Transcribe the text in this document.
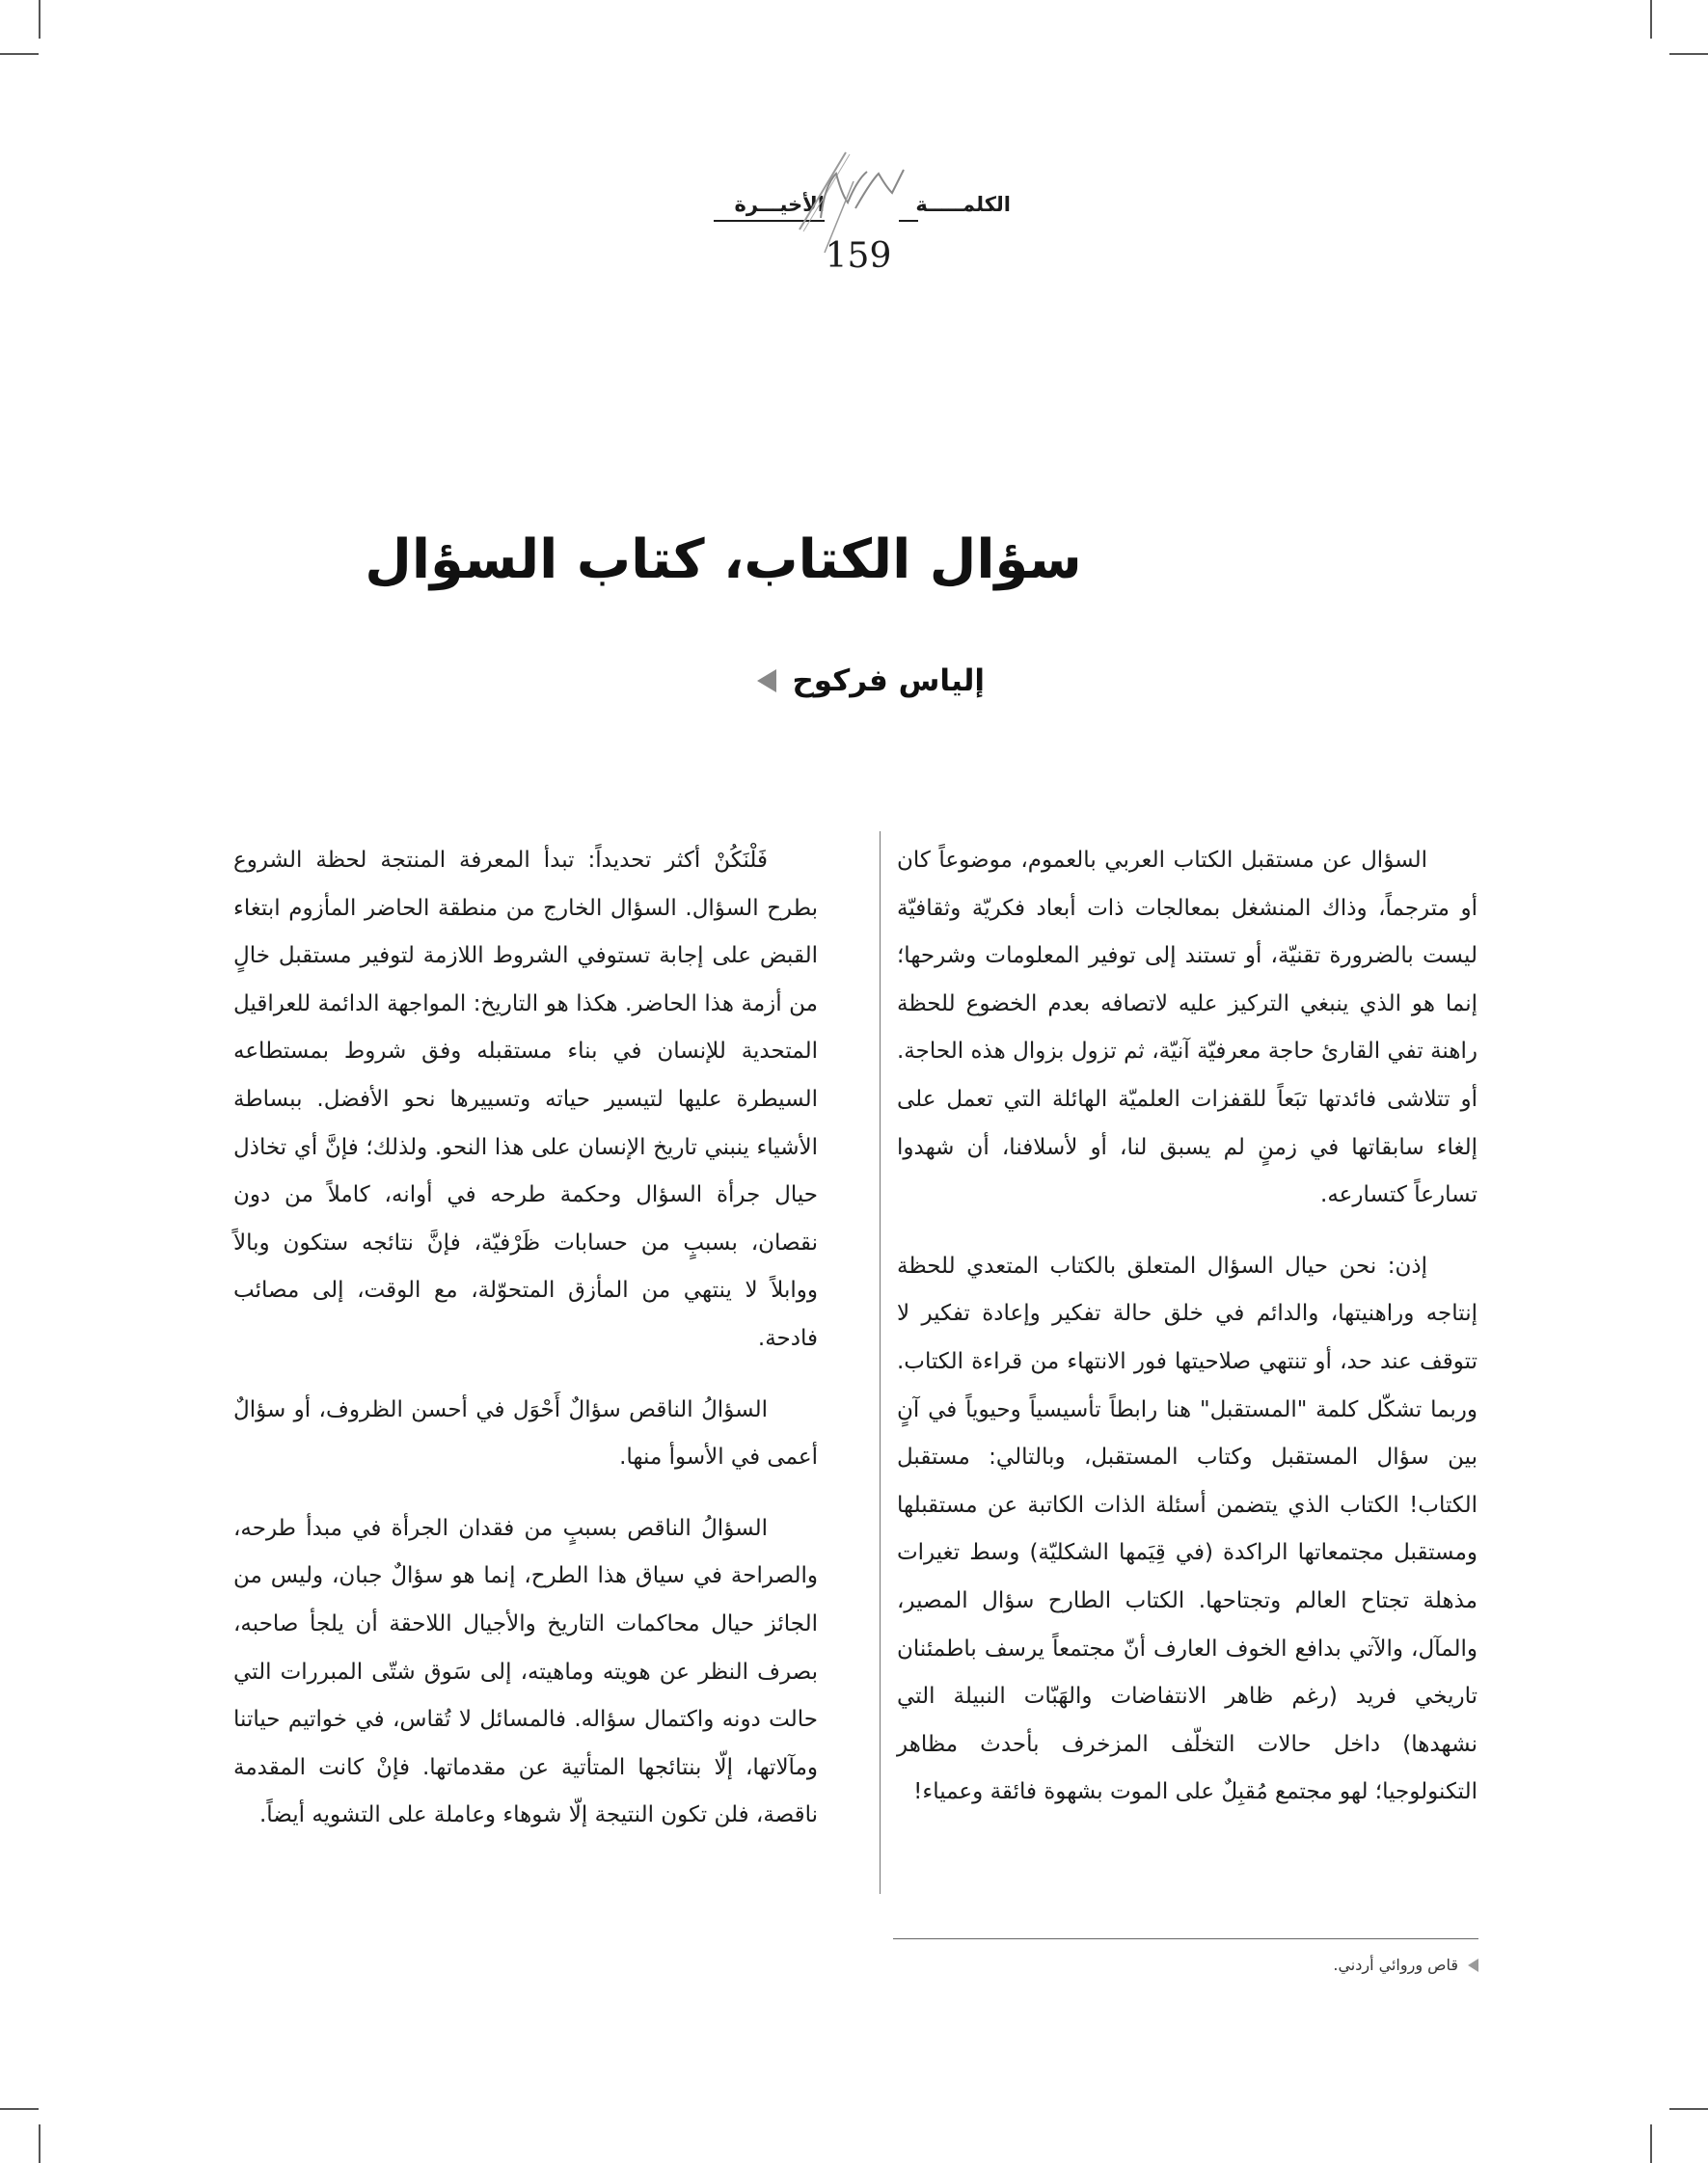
الكلمـــــة
الأخيـــرة
159
سؤال الكتاب، كتاب السؤال
إلياس فركوح

السؤال عن مستقبل الكتاب العربي بالعموم، موضوعاً كان أو مترجماً، وذاك المنشغل بمعالجات ذات أبعاد فكريّة وثقافيّة ليست بالضرورة تقنيّة، أو تستند إلى توفير المعلومات وشرحها؛ إنما هو الذي ينبغي التركيز عليه لاتصافه بعدم الخضوع للحظة راهنة تفي القارئ حاجة معرفيّة آنيّة، ثم تزول بزوال هذه الحاجة. أو تتلاشى فائدتها تبَعاً للقفزات العلميّة الهائلة التي تعمل على إلغاء سابقاتها في زمنٍ لم يسبق لنا، أو لأسلافنا، أن شهدوا تسارعاً كتسارعه.

إذن: نحن حيال السؤال المتعلق بالكتاب المتعدي للحظة إنتاجه وراهنيتها، والدائم في خلق حالة تفكير وإعادة تفكير لا تتوقف عند حد، أو تنتهي صلاحيتها فور الانتهاء من قراءة الكتاب. وربما تشكّل كلمة "المستقبل" هنا رابطاً تأسيسياً وحيوياً في آنٍ بين سؤال المستقبل وكتاب المستقبل، وبالتالي: مستقبل الكتاب! الكتاب الذي يتضمن أسئلة الذات الكاتبة عن مستقبلها ومستقبل مجتمعاتها الراكدة (في قِيَمها الشكليّة) وسط تغيرات مذهلة تجتاح العالم وتجتاحها. الكتاب الطارح سؤال المصير، والمآل، والآتي بدافع الخوف العارف أنّ مجتمعاً يرسف باطمئنان تاريخي فريد (رغم ظاهر الانتفاضات والهَبّات النبيلة التي نشهدها) داخل حالات التخلّف المزخرف بأحدث مظاهر التكنولوجيا؛ لهو مجتمع مُقبِلٌ على الموت بشهوة فائقة وعمياء!

فَلْنَكُنْ أكثر تحديداً: تبدأ المعرفة المنتجة لحظة الشروع بطرح السؤال. السؤال الخارج من منطقة الحاضر المأزوم ابتغاء القبض على إجابة تستوفي الشروط اللازمة لتوفير مستقبل خالٍ من أزمة هذا الحاضر. هكذا هو التاريخ: المواجهة الدائمة للعراقيل المتحدية للإنسان في بناء مستقبله وفق شروط بمستطاعه السيطرة عليها لتيسير حياته وتسييرها نحو الأفضل. ببساطة الأشياء ينبني تاريخ الإنسان على هذا النحو. ولذلك؛ فإنَّ أي تخاذل حيال جرأة السؤال وحكمة طرحه في أوانه، كاملاً من دون نقصان، بسببٍ من حسابات ظَرْفيّة، فإنَّ نتائجه ستكون وبالاً ووابلاً لا ينتهي من المأزق المتحوّلة، مع الوقت، إلى مصائب فادحة.

السؤالُ الناقص سؤالٌ أَحْوَل في أحسن الظروف، أو سؤالٌ أعمى في الأسوأ منها.

السؤالُ الناقص بسببٍ من فقدان الجرأة في مبدأ طرحه، والصراحة في سياق هذا الطرح، إنما هو سؤالٌ جبان، وليس من الجائز حيال محاكمات التاريخ والأجيال اللاحقة أن يلجأ صاحبه، بصرف النظر عن هويته وماهيته، إلى سَوق شتّى المبررات التي حالت دونه واكتمال سؤاله. فالمسائل لا تُقاس، في خواتيم حياتنا ومآلاتها، إلّا بنتائجها المتأتية عن مقدماتها. فإنْ كانت المقدمة ناقصة، فلن تكون النتيجة إلّا شوهاء وعاملة على التشويه أيضاً.

قاص وروائي أردني.
